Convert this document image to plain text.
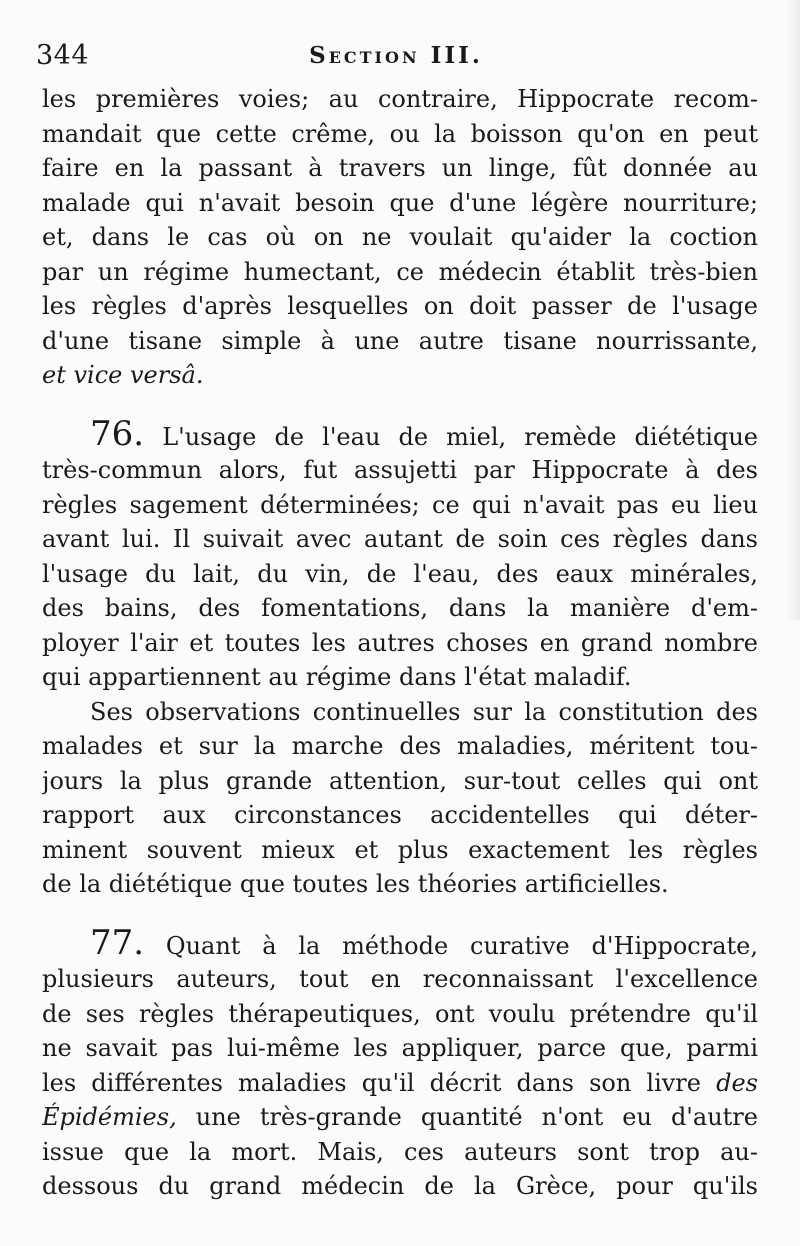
344	Section III.
les premières voies; au contraire, Hippocrate recom-
mandait que cette crême, ou la boisson qu'on en peut
faire en la passant à travers un linge, fût donnée au
malade qui n'avait besoin que d'une légère nourriture;
et, dans le cas où on ne voulait qu'aider la coction
par un régime humectant, ce médecin établit très-bien
les règles d'après lesquelles on doit passer de l'usage
d'une tisane simple à une autre tisane nourrissante,
et vice versâ.
76. L'usage de l'eau de miel, remède diététique
très-commun alors, fut assujetti par Hippocrate à des
règles sagement déterminées; ce qui n'avait pas eu lieu
avant lui. Il suivait avec autant de soin ces règles dans
l'usage du lait, du vin, de l'eau, des eaux minérales,
des bains, des fomentations, dans la manière d'em-
ployer l'air et toutes les autres choses en grand nombre
qui appartiennent au régime dans l'état maladif.
Ses observations continuelles sur la constitution des
malades et sur la marche des maladies, méritent tou-
jours la plus grande attention, sur-tout celles qui ont
rapport aux circonstances accidentelles qui déter-
minent souvent mieux et plus exactement les règles
de la diététique que toutes les théories artificielles.
77. Quant à la méthode curative d'Hippocrate,
plusieurs auteurs, tout en reconnaissant l'excellence
de ses règles thérapeutiques, ont voulu prétendre qu'il
ne savait pas lui-même les appliquer, parce que, parmi
les différentes maladies qu'il décrit dans son livre des
Épidémies, une très-grande quantité n'ont eu d'autre
issue que la mort. Mais, ces auteurs sont trop au-
dessous du grand médecin de la Grèce, pour qu'ils
